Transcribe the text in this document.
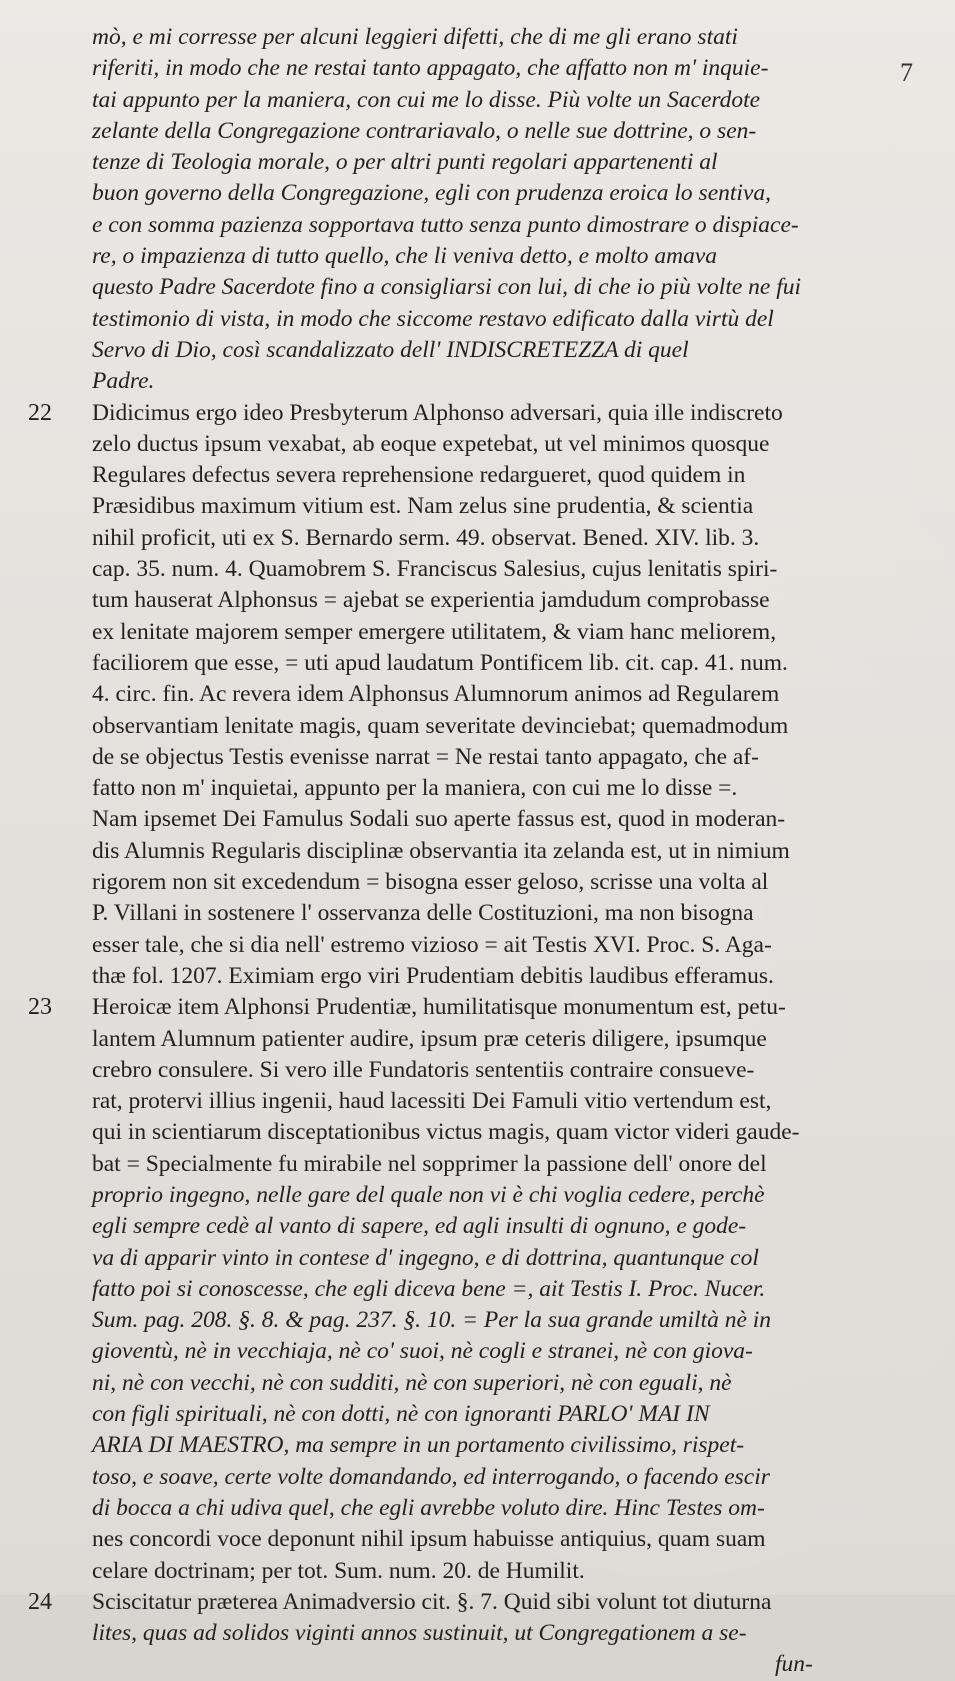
7
mò, e mi corresse per alcuni leggieri difetti, che di me gli erano stati
riferiti, in modo che ne restai tanto appagato, che affatto non m' inquie-
tai appunto per la maniera, con cui me lo disse. Più volte un Sacerdote
zelante della Congregazione contrariavalo, o nelle sue dottrine, o sen-
tenze di Teologia morale, o per altri punti regolari appartenenti al
buon governo della Congregazione, egli con prudenza eroica lo sentiva,
e con somma pazienza sopportava tutto senza punto dimostrare o dispiace-
re, o impazienza di tutto quello, che li veniva detto, e molto amava
questo Padre Sacerdote fino a consigliarsi con lui, di che io più volte ne fui
testimonio di vista, in modo che siccome restavo edificato dalla virtù del
Servo di Dio, così scandalizzato dell' INDISCRETEZZA di quel
Padre.
22 Didicimus ergo ideo Presbyterum Alphonso adversari, quia ille indiscreto
zelo ductus ipsum vexabat, ab eoque expetebat, ut vel minimos quosque
Regulares defectus severa reprehensione redargueret, quod quidem in
Præsidibus maximum vitium est. Nam zelus sine prudentia, & scientia
nihil proficit, uti ex S. Bernardo serm. 49. observat. Bened. XIV. lib. 3.
cap. 35. num. 4. Quamobrem S. Franciscus Salesius, cujus lenitatis spiri-
tum hauserat Alphonsus = ajebat se experientia jamdudum comprobasse
ex lenitate majorem semper emergere utilitatem, & viam hanc meliorem,
faciliorem que esse, = uti apud laudatum Pontificem lib. cit. cap. 41. num.
4. circ. fin. Ac revera idem Alphonsus Alumnorum animos ad Regularem
observantiam lenitate magis, quam severitate devinciebat; quemadmodum
de se objectus Testis evenisse narrat = Ne restai tanto appagato, che af-
fatto non m' inquietai, appunto per la maniera, con cui me lo disse =.
Nam ipsemet Dei Famulus Sodali suo aperte fassus est, quod in moderan-
dis Alumnis Regularis disciplinæ observantia ita zelanda est, ut in nimium
rigorem non sit excedendum = bisogna esser geloso, scrisse una volta al
P. Villani in sostenere l' osservanza delle Costituzioni, ma non bisogna
esser tale, che si dia nell' estremo vizioso = ait Testis XVI. Proc. S. Aga-
thæ fol. 1207. Eximiam ergo viri Prudentiam debitis laudibus efferamus.
23 Heroicæ item Alphonsi Prudentiæ, humilitatisque monumentum est, petu-
lantem Alumnum patienter audire, ipsum præ ceteris diligere, ipsumque
crebro consulere. Si vero ille Fundatoris sententiis contraire consueve-
rat, protervi illius ingenii, haud lacessiti Dei Famuli vitio vertendum est,
qui in scientiarum disceptationibus victus magis, quam victor videri gaude-
bat = Specialmente fu mirabile nel sopprimer la passione dell' onore del
proprio ingegno, nelle gare del quale non vi è chi voglia cedere, perchè
egli sempre cedè al vanto di sapere, ed agli insulti di ognuno, e gode-
va di apparir vinto in contese d' ingegno, e di dottrina, quantunque col
fatto poi si conoscesse, che egli diceva bene =, ait Testis I. Proc. Nucer.
Sum. pag. 208. §. 8. & pag. 237. §. 10. = Per la sua grande umiltà nè in
gioventù, nè in vecchiaja, nè co' suoi, nè cogli e stranei, nè con giova-
ni, nè con vecchi, nè con sudditi, nè con superiori, nè con eguali, nè
con figli spirituali, nè con dotti, nè con ignoranti PARLO' MAI IN
ARIA DI MAESTRO, ma sempre in un portamento civilissimo, rispet-
toso, e soave, certe volte domandando, ed interrogando, o facendo escir
di bocca a chi udiva quel, che egli avrebbe voluto dire. Hinc Testes om-
nes concordi voce deponunt nihil ipsum habuisse antiquius, quam suam
celare doctrinam; per tot. Sum. num. 20. de Humilit.
24 Sciscitatur præterea Animadversio cit. §. 7. Quid sibi volunt tot diuturna
lites, quas ad solidos viginti annos sustinuit, ut Congregationem a se-
fun-
